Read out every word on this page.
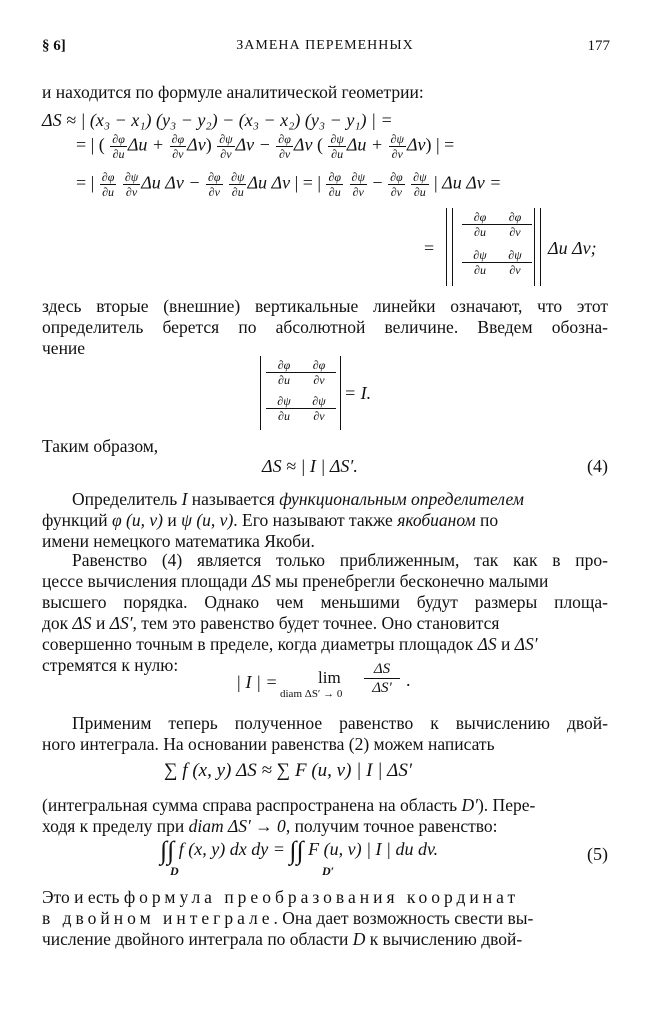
§ 6]	ЗАМЕНА ПЕРЕМЕННЫХ	177
и находится по формуле аналитической геометрии:
ΔS ≈ | (x₃ − x₁) (y₃ − y₂) − (x₃ − x₂) (y₃ − y₁) | =
= | ( $\frac{\partial\varphi}{\partial u}$ $\Delta u + \frac{\partial\varphi}{\partial v} \Delta v) \frac{\partial\psi}{\partial v}$ $\Delta v - \frac{\partial\varphi}{\partial v}$ Δv ( $\frac{\partial\psi}{\partial u}$ $\Delta u + \frac{\partial\psi}{\partial v} \Delta v$) | =
= | $\frac{\partial\varphi}{\partial u}$
$\frac{\partial\psi}{\partial v}$ Δu $\Delta v - \frac{\partial\varphi}{\partial v}$
$\frac{\partial\psi}{\partial u}$ Δu Δv | = | $\frac{\partial\varphi}{\partial u}$
$\frac{\partial\psi}{\partial v} - \frac{\partial\varphi}{\partial v}$
$\frac{\partial\psi}{\partial u}$ | Δu Δv =
=
∂φ
∂u
∂φ
∂v
∂ψ
∂u
∂ψ
∂v
Δu Δv;
здесь вторые (внешние) вертикальные линейки означают, что этот
определитель берется по абсолютной величине. Введем обозна-
чение
∂φ
∂u
∂φ
∂v
∂ψ
∂u
∂ψ
∂v
= I.
Таким образом,
ΔS ≈ | I | ΔS′.	(4)
Определитель I называется функциональным определителем
функций φ (u, v) и ψ (u, v). Его называют также якобианом по
имени немецкого математика Якоби.
Равенство (4) является только приближенным, так как в про-
цессе вычисления площади ΔS мы пренебрегли бесконечно малыми
высшего порядка. Однако чем меньшими будут размеры площа-
док ΔS и ΔS′, тем это равенство будет точнее. Оно становится
совершенно точным в пределе, когда диаметры площадок ΔS и ΔS′
стремятся к нулю:
| I | = lim
diam ΔS′ → 0
ΔS
ΔS′ .
Применим теперь полученное равенство к вычислению двой-
ного интеграла. На основании равенства (2) можем написать
∑ f (x, y) ΔS ≈ ∑ F (u, v) | I | ΔS′
(интегральная сумма справа распространена на область D′). Пере-
ходя к пределу при diam ΔS′ → 0, получим точное равенство:
∫∫ f (x, y) dx dy = ∫∫ F (u, v) | I | du dv.
D	D′
(5)
Это и есть формула преобразования координат
в двойном интеграле. Она дает возможность свести вы-
числение двойного интеграла по области D к вычислению двой-
